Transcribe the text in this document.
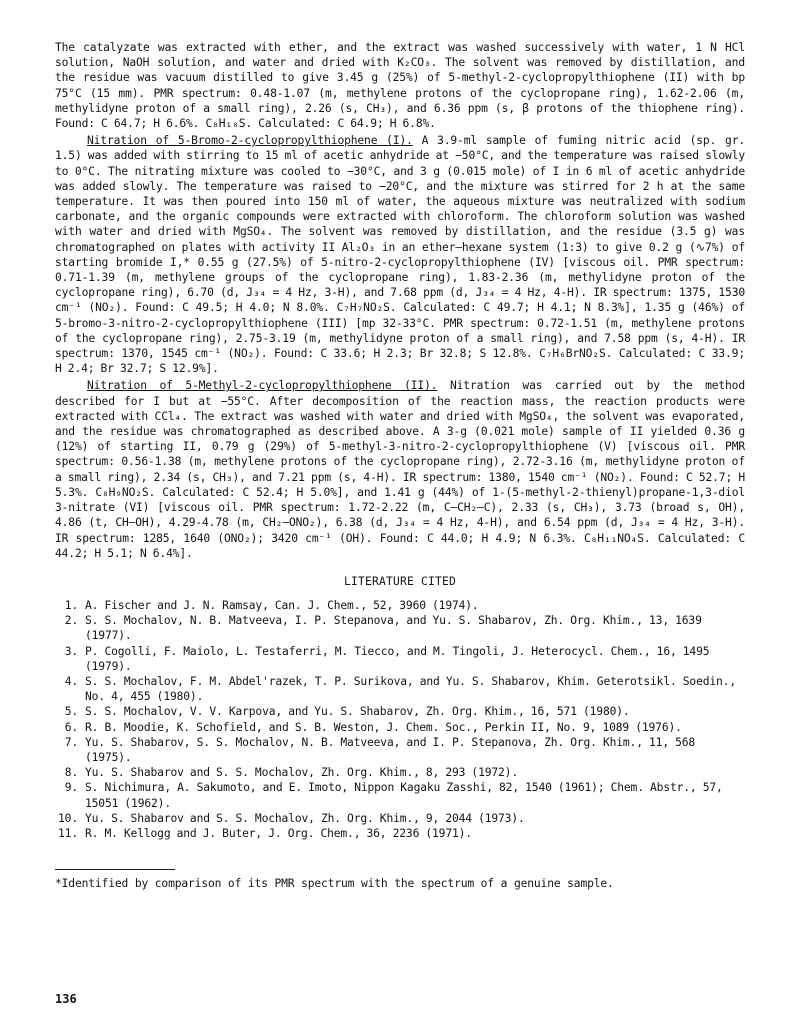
The catalyzate was extracted with ether, and the extract was washed successively with water, 1 N HCl solution, NaOH solution, and water and dried with K₂CO₃. The solvent was removed by distillation, and the residue was vacuum distilled to give 3.45 g (25%) of 5-methyl-2-cyclopropylthiophene (II) with bp 75°C (15 mm). PMR spectrum: 0.48-1.07 (m, methylene protons of the cyclopropane ring), 1.62-2.06 (m, methylidyne proton of a small ring), 2.26 (s, CH₃), and 6.36 ppm (s, β protons of the thiophene ring). Found: C 64.7; H 6.6%. C₈H₁₀S. Calculated: C 64.9; H 6.8%.

Nitration of 5-Bromo-2-cyclopropylthiophene (I). A 3.9-ml sample of fuming nitric acid (sp. gr. 1.5) was added with stirring to 15 ml of acetic anhydride at −50°C, and the temperature was raised slowly to 0°C. The nitrating mixture was cooled to −30°C, and 3 g (0.015 mole) of I in 6 ml of acetic anhydride was added slowly. The temperature was raised to −20°C, and the mixture was stirred for 2 h at the same temperature. It was then poured into 150 ml of water, the aqueous mixture was neutralized with sodium carbonate, and the organic compounds were extracted with chloroform. The chloroform solution was washed with water and dried with MgSO₄. The solvent was removed by distillation, and the residue (3.5 g) was chromatographed on plates with activity II Al₂O₃ in an ether–hexane system (1:3) to give 0.2 g (∿7%) of starting bromide I,* 0.55 g (27.5%) of 5-nitro-2-cyclopropylthiophene (IV) [viscous oil. PMR spectrum: 0.71-1.39 (m, methylene groups of the cyclopropane ring), 1.83-2.36 (m, methylidyne proton of the cyclopropane ring), 6.70 (d, J₃₄ = 4 Hz, 3-H), and 7.68 ppm (d, J₃₄ = 4 Hz, 4-H). IR spectrum: 1375, 1530 cm⁻¹ (NO₂). Found: C 49.5; H 4.0; N 8.0%. C₇H₇NO₂S. Calculated: C 49.7; H 4.1; N 8.3%], 1.35 g (46%) of 5-bromo-3-nitro-2-cyclopropylthiophene (III) [mp 32-33°C. PMR spectrum: 0.72-1.51 (m, methylene protons of the cyclopropane ring), 2.75-3.19 (m, methylidyne proton of a small ring), and 7.58 ppm (s, 4-H). IR spectrum: 1370, 1545 cm⁻¹ (NO₂). Found: C 33.6; H 2.3; Br 32.8; S 12.8%. C₇H₆BrNO₂S. Calculated: C 33.9; H 2.4; Br 32.7; S 12.9%].

Nitration of 5-Methyl-2-cyclopropylthiophene (II). Nitration was carried out by the method described for I but at −55°C. After decomposition of the reaction mass, the reaction products were extracted with CCl₄. The extract was washed with water and dried with MgSO₄, the solvent was evaporated, and the residue was chromatographed as described above. A 3-g (0.021 mole) sample of II yielded 0.36 g (12%) of starting II, 0.79 g (29%) of 5-methyl-3-nitro-2-cyclopropylthiophene (V) [viscous oil. PMR spectrum: 0.56-1.38 (m, methylene protons of the cyclopropane ring), 2.72-3.16 (m, methylidyne proton of a small ring), 2.34 (s, CH₃), and 7.21 ppm (s, 4-H). IR spectrum: 1380, 1540 cm⁻¹ (NO₂). Found: C 52.7; H 5.3%. C₈H₉NO₂S. Calculated: C 52.4; H 5.0%], and 1.41 g (44%) of 1-(5-methyl-2-thienyl)propane-1,3-diol 3-nitrate (VI) [viscous oil. PMR spectrum: 1.72-2.22 (m, C–CH₂–C), 2.33 (s, CH₃), 3.73 (broad s, OH), 4.86 (t, CH–OH), 4.29-4.78 (m, CH₂–ONO₂), 6.38 (d, J₃₄ = 4 Hz, 4-H), and 6.54 ppm (d, J₃₄ = 4 Hz, 3-H). IR spectrum: 1285, 1640 (ONO₂); 3420 cm⁻¹ (OH). Found: C 44.0; H 4.9; N 6.3%. C₈H₁₁NO₄S. Calculated: C 44.2; H 5.1; N 6.4%].

LITERATURE CITED
1. A. Fischer and J. N. Ramsay, Can. J. Chem., 52, 3960 (1974).
2. S. S. Mochalov, N. B. Matveeva, I. P. Stepanova, and Yu. S. Shabarov, Zh. Org. Khim., 13, 1639 (1977).
3. P. Cogolli, F. Maiolo, L. Testaferri, M. Tiecco, and M. Tingoli, J. Heterocycl. Chem., 16, 1495 (1979).
4. S. S. Mochalov, F. M. Abdel'razek, T. P. Surikova, and Yu. S. Shabarov, Khim. Geterotsikl. Soedin., No. 4, 455 (1980).
5. S. S. Mochalov, V. V. Karpova, and Yu. S. Shabarov, Zh. Org. Khim., 16, 571 (1980).
6. R. B. Moodie, K. Schofield, and S. B. Weston, J. Chem. Soc., Perkin II, No. 9, 1089 (1976).
7. Yu. S. Shabarov, S. S. Mochalov, N. B. Matveeva, and I. P. Stepanova, Zh. Org. Khim., 11, 568 (1975).
8. Yu. S. Shabarov and S. S. Mochalov, Zh. Org. Khim., 8, 293 (1972).
9. S. Nichimura, A. Sakumoto, and E. Imoto, Nippon Kagaku Zasshi, 82, 1540 (1961); Chem. Abstr., 57, 15051 (1962).
10. Yu. S. Shabarov and S. S. Mochalov, Zh. Org. Khim., 9, 2044 (1973).
11. R. M. Kellogg and J. Buter, J. Org. Chem., 36, 2236 (1971).

*Identified by comparison of its PMR spectrum with the spectrum of a genuine sample.

136
